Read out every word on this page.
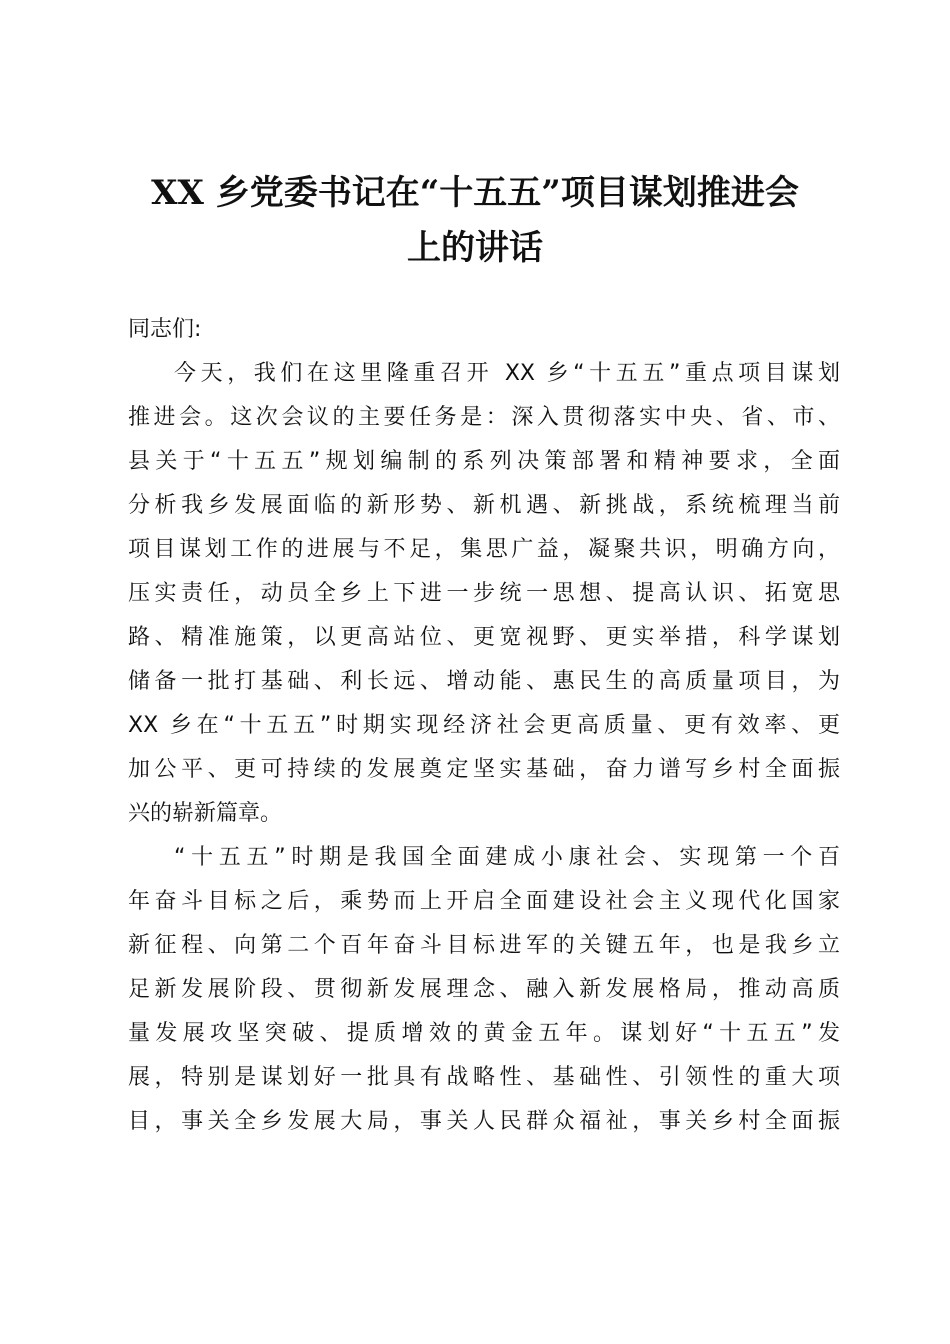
XX 乡党委书记在“十五五”项目谋划推进会
上的讲话

同志们:

今天，我们在这里隆重召开 XX 乡“十五五”重点项目谋划
推进会。这次会议的主要任务是：深入贯彻落实中央、省、市、
县关于“十五五”规划编制的系列决策部署和精神要求，全面
分析我乡发展面临的新形势、新机遇、新挑战，系统梳理当前
项目谋划工作的进展与不足，集思广益，凝聚共识，明确方向，
压实责任，动员全乡上下进一步统一思想、提高认识、拓宽思
路、精准施策，以更高站位、更宽视野、更实举措，科学谋划
储备一批打基础、利长远、增动能、惠民生的高质量项目，为
XX 乡在“十五五”时期实现经济社会更高质量、更有效率、更
加公平、更可持续的发展奠定坚实基础，奋力谱写乡村全面振
兴的崭新篇章。

“十五五”时期是我国全面建成小康社会、实现第一个百
年奋斗目标之后，乘势而上开启全面建设社会主义现代化国家
新征程、向第二个百年奋斗目标进军的关键五年，也是我乡立
足新发展阶段、贯彻新发展理念、融入新发展格局，推动高质
量发展攻坚突破、提质增效的黄金五年。谋划好“十五五”发
展，特别是谋划好一批具有战略性、基础性、引领性的重大项
目，事关全乡发展大局，事关人民群众福祉，事关乡村全面振
